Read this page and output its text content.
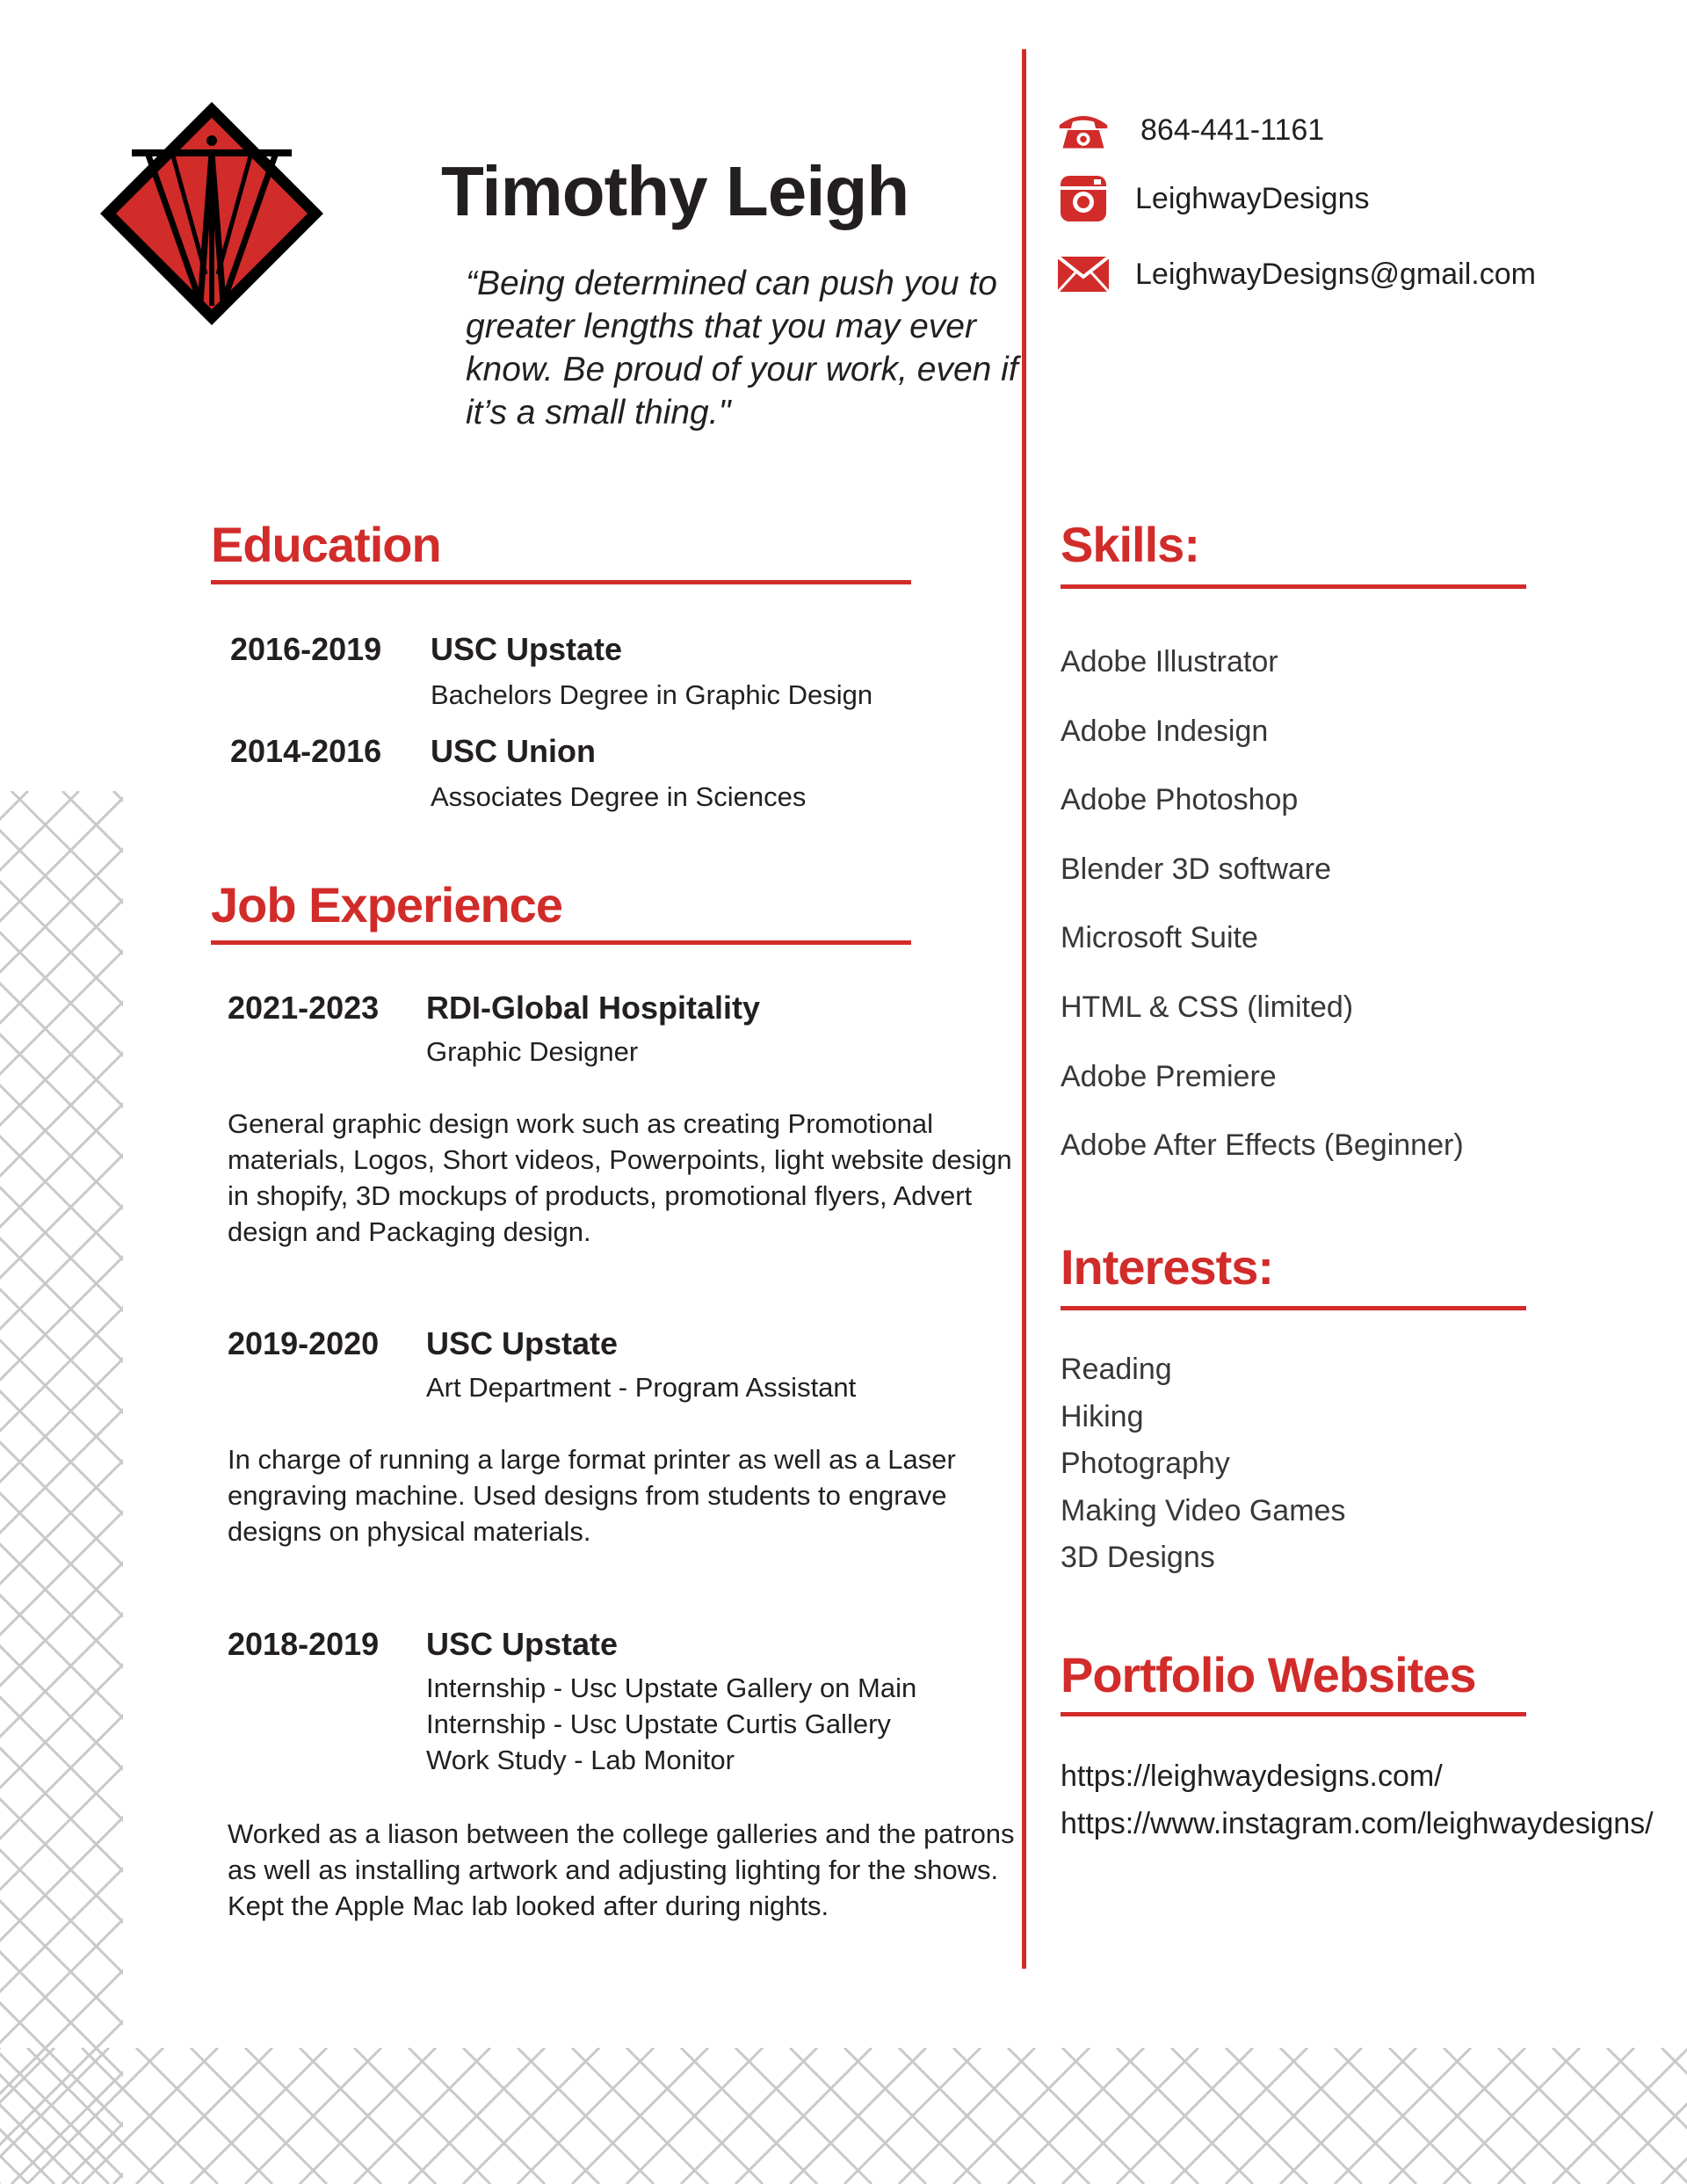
Timothy Leigh
“Being determined can push you to greater lengths that you may ever know. Be proud of your work, even if it’s a small thing."
864-441-1161
LeighwayDesigns
LeighwayDesigns@gmail.com
Education
2016-2019 USC Upstate
Bachelors Degree in Graphic Design
2014-2016 USC Union
Associates Degree in Sciences
Job Experience
2021-2023 RDI-Global Hospitality
Graphic Designer
General graphic design work such as creating Promotional materials, Logos, Short videos, Powerpoints, light website design in shopify, 3D mockups of products, promotional flyers, Advert design and Packaging design.
2019-2020 USC Upstate
Art Department - Program Assistant
In charge of running a large format printer as well as a Laser engraving machine. Used designs from students to engrave designs on physical materials.
2018-2019 USC Upstate
Internship - Usc Upstate Gallery on Main
Internship - Usc Upstate Curtis Gallery
Work Study - Lab Monitor
Worked as a liason between the college galleries and the patrons as well as installing artwork and adjusting lighting for the shows. Kept the Apple Mac lab looked after during nights.
Skills:
Adobe Illustrator
Adobe Indesign
Adobe Photoshop
Blender 3D software
Microsoft Suite
HTML & CSS (limited)
Adobe Premiere
Adobe After Effects (Beginner)
Interests:
Reading
Hiking
Photography
Making Video Games
3D Designs
Portfolio Websites
https://leighwaydesigns.com/
https://www.instagram.com/leighwaydesigns/
